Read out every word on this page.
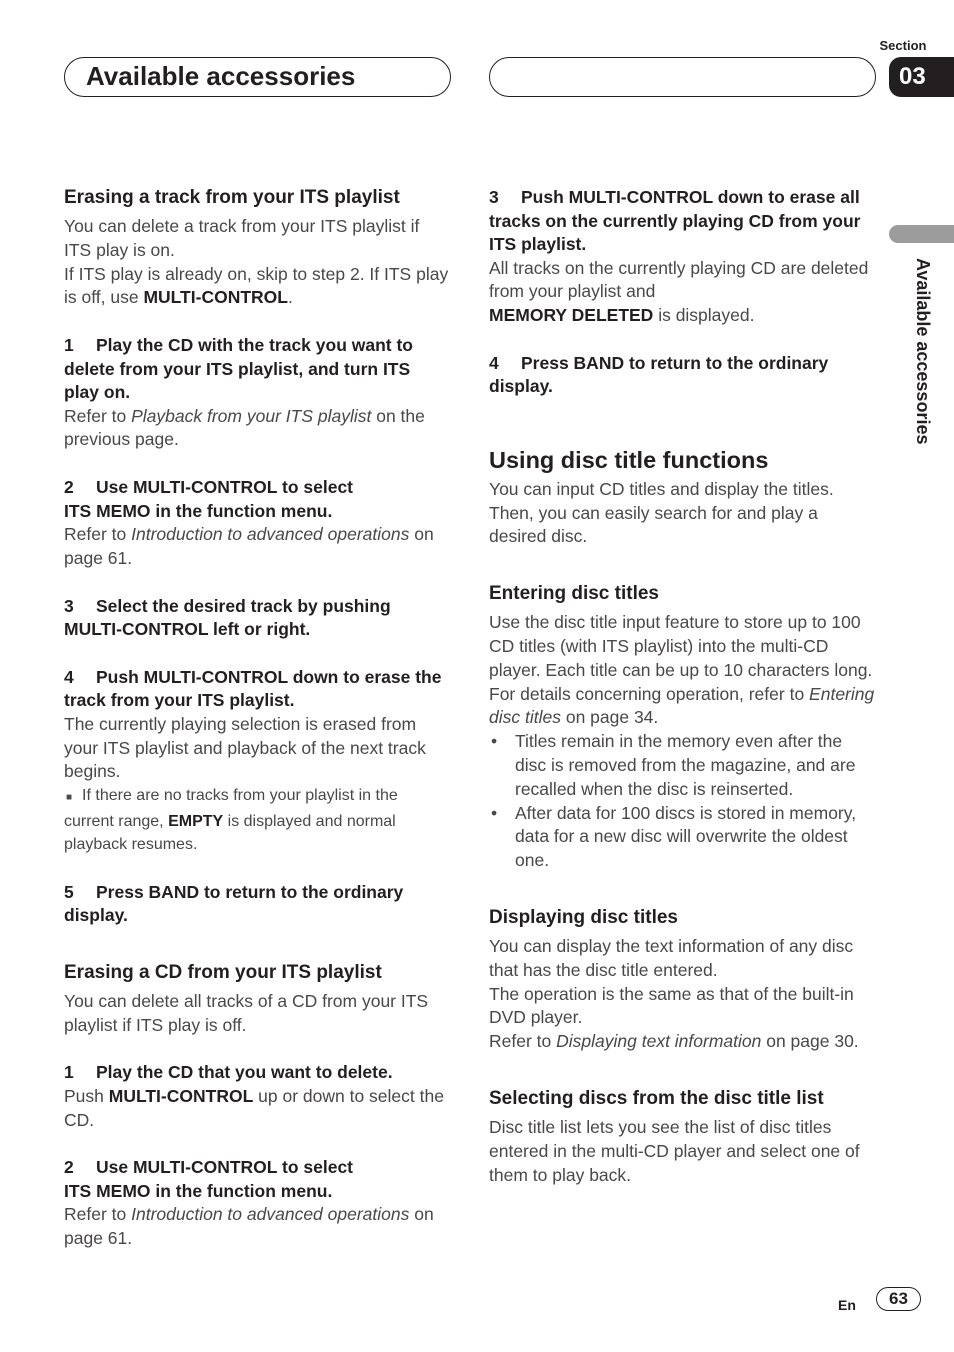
Available accessories
Section
03
Available accessories
Erasing a track from your ITS playlist
You can delete a track from your ITS playlist if ITS play is on.
If ITS play is already on, skip to step 2. If ITS play is off, use MULTI-CONTROL.
1 Play the CD with the track you want to delete from your ITS playlist, and turn ITS play on.
Refer to Playback from your ITS playlist on the previous page.
2 Use MULTI-CONTROL to select
ITS MEMO in the function menu.
Refer to Introduction to advanced operations on page 61.
3 Select the desired track by pushing
MULTI-CONTROL left or right.
4 Push MULTI-CONTROL down to erase the track from your ITS playlist.
The currently playing selection is erased from your ITS playlist and playback of the next track begins.
■ If there are no tracks from your playlist in the current range, EMPTY is displayed and normal playback resumes.
5 Press BAND to return to the ordinary display.
Erasing a CD from your ITS playlist
You can delete all tracks of a CD from your ITS playlist if ITS play is off.
1 Play the CD that you want to delete.
Push MULTI-CONTROL up or down to select the CD.
2 Use MULTI-CONTROL to select
ITS MEMO in the function menu.
Refer to Introduction to advanced operations on page 61.
3 Push MULTI-CONTROL down to erase all tracks on the currently playing CD from your ITS playlist.
All tracks on the currently playing CD are deleted from your playlist and
MEMORY DELETED is displayed.
4 Press BAND to return to the ordinary display.
Using disc title functions
You can input CD titles and display the titles. Then, you can easily search for and play a desired disc.
Entering disc titles
Use the disc title input feature to store up to 100 CD titles (with ITS playlist) into the multi-CD player. Each title can be up to 10 characters long.
For details concerning operation, refer to Entering disc titles on page 34.
• Titles remain in the memory even after the disc is removed from the magazine, and are recalled when the disc is reinserted.
• After data for 100 discs is stored in memory, data for a new disc will overwrite the oldest one.
Displaying disc titles
You can display the text information of any disc that has the disc title entered.
The operation is the same as that of the built-in DVD player.
Refer to Displaying text information on page 30.
Selecting discs from the disc title list
Disc title list lets you see the list of disc titles entered in the multi-CD player and select one of them to play back.
En	63
